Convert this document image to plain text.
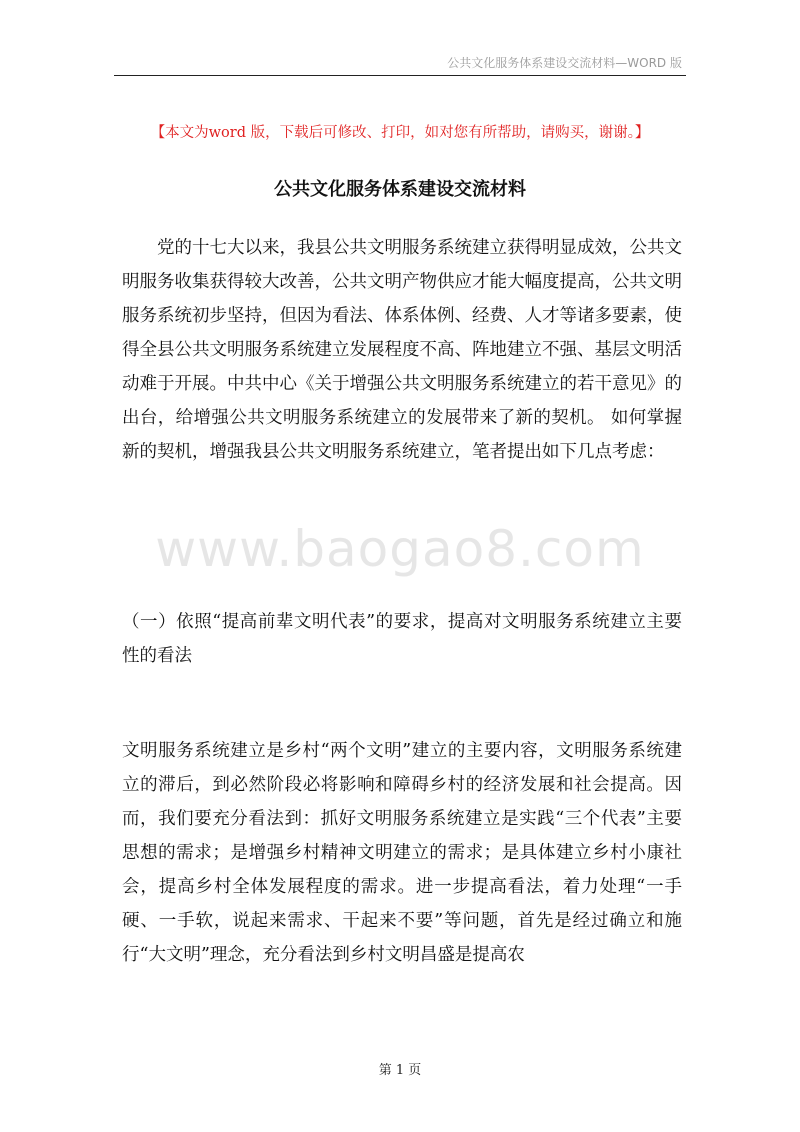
公共文化服务体系建设交流材料—WORD 版
【本文为word 版，下载后可修改、打印，如对您有所帮助，请购买，谢谢。】
公共文化服务体系建设交流材料

党的十七大以来，我县公共文明服务系统建立获得明显成效，公共文明服务收集获得较大改善，公共文明产物供应才能大幅度提高，公共文明服务系统初步坚持，但因为看法、体系体例、经费、人才等诸多要素，使得全县公共文明服务系统建立发展程度不高、阵地建立不强、基层文明活动难于开展。中共中心《关于增强公共文明服务系统建立的若干意见》的出台，给增强公共文明服务系统建立的发展带来了新的契机。 如何掌握新的契机，增强我县公共文明服务系统建立，笔者提出如下几点考虑：

www.baogao8.com

（一）依照“提高前辈文明代表”的要求，提高对文明服务系统建立主要性的看法

文明服务系统建立是乡村“两个文明”建立的主要内容，文明服务系统建立的滞后，到必然阶段必将影响和障碍乡村的经济发展和社会提高。因而，我们要充分看法到：抓好文明服务系统建立是实践“三个代表”主要思想的需求；是增强乡村精神文明建立的需求；是具体建立乡村小康社会，提高乡村全体发展程度的需求。进一步提高看法，着力处理“一手硬、一手软，说起来需求、干起来不要”等问题，首先是经过确立和施行“大文明”理念，充分看法到乡村文明昌盛是提高农

第 1 页
